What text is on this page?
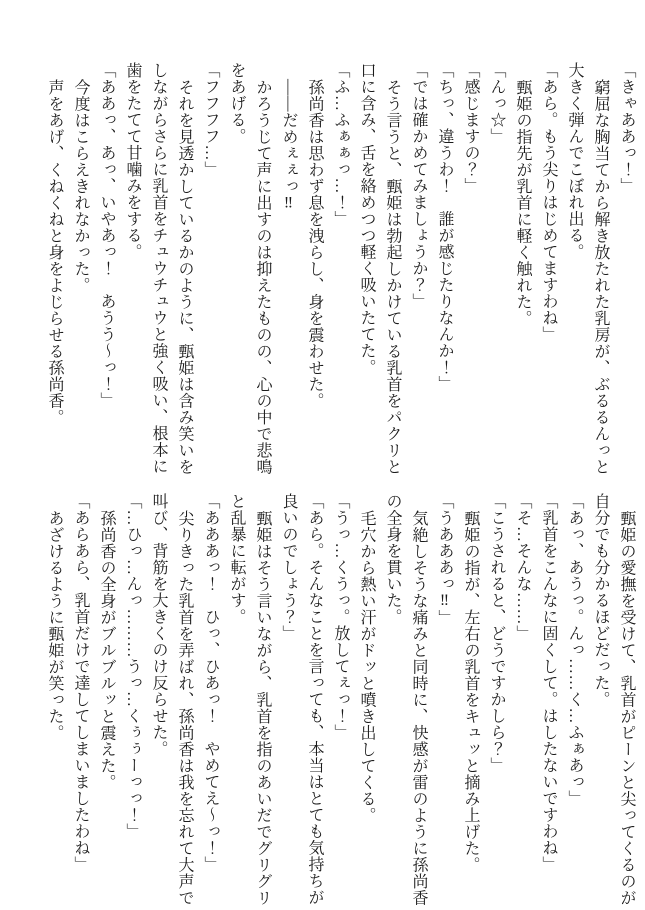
「きゃああっ！」

窮屈な胸当てから解き放たれた乳房が、ぶるるんっと

大きく弾んでこぼれ出る。

「あら。もう尖りはじめてますわね」

甄姫の指先が乳首に軽く触れた。

「んっ☆」

「感じますの？」

「ちっ、違うわ！　誰が感じたりなんか！」

「では確かめてみましょうか？」

そう言うと、甄姫は勃起しかけている乳首をパクリと

口に含み、舌を絡めつつ軽く吸いたてた。

「ふ…ふぁぁっ…！」

孫尚香は思わず息を洩らし、身を震わせた。

――だめぇぇっ‼

かろうじて声に出すのは抑えたものの、心の中で悲鳴

をあげる。

「フフフフ…」

それを見透かしているかのように、甄姫は含み笑いを

しながらさらに乳首をチュウチュウと強く吸い、根本に

歯をたてて甘噛みをする。

「ああっ、あっ、いやあっ！　あうう～っ！」

今度はこらえきれなかった。

声をあげ、くねくねと身をよじらせる孫尚香。

甄姫の愛撫を受けて、乳首がピーンと尖ってくるのが

自分でも分かるほどだった。

「あっ、あうっ。んっ……く…ふぁあっ」

「乳首をこんなに固くして。はしたないですわね」

「そ…そんな……」

「こうされると、どうですかしら？」

甄姫の指が、左右の乳首をキュッと摘み上げた。

「うあああっ‼」

気絶しそうな痛みと同時に、快感が雷のように孫尚香

の全身を貫いた。

毛穴から熱い汗がドッと噴き出してくる。

「うっ…くうっ。放してぇっ！」

「あら。そんなことを言っても、本当はとても気持ちが

良いのでしょう？」

甄姫はそう言いながら、乳首を指のあいだでグリグリ

と乱暴に転がす。

「あああっ！　ひっ、ひあっ！　やめてえ～っ！」

尖りきった乳首を弄ばれ、孫尚香は我を忘れて大声で

叫び、背筋を大きくのけ反らせた。

「…ひっ…んっ………うっ…くぅぅーっっ！」

孫尚香の全身がブルブルッと震えた。

「あらあら、乳首だけで達してしまいましたわね」

あざけるように甄姫が笑った。
